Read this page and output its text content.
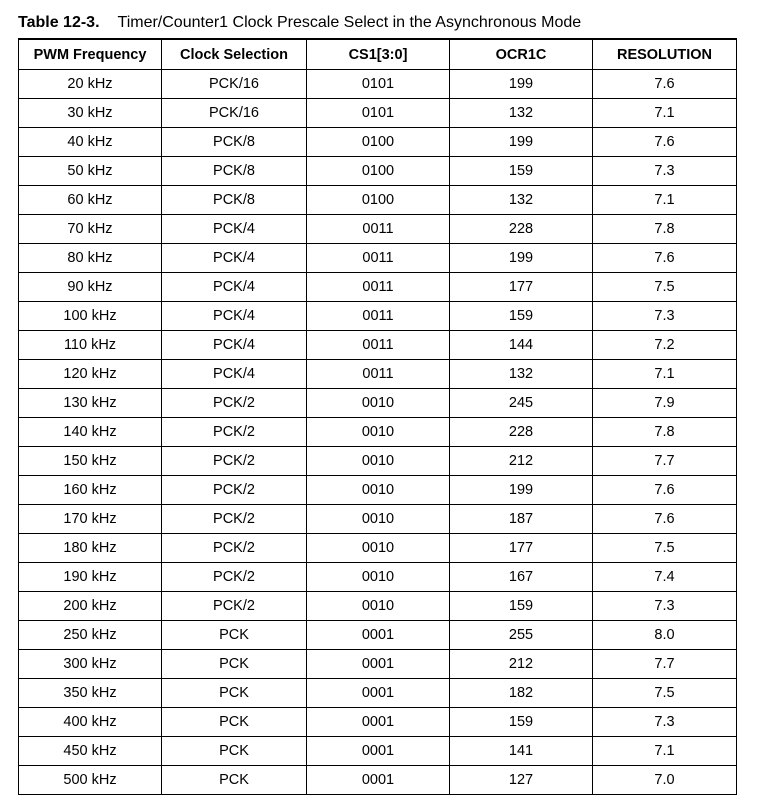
Table 12-3. Timer/Counter1 Clock Prescale Select in the Asynchronous Mode
PWM Frequency	Clock Selection	CS1[3:0]	OCR1C	RESOLUTION
20 kHz	PCK/16	0101	199	7.6
30 kHz	PCK/16	0101	132	7.1
40 kHz	PCK/8	0100	199	7.6
50 kHz	PCK/8	0100	159	7.3
60 kHz	PCK/8	0100	132	7.1
70 kHz	PCK/4	0011	228	7.8
80 kHz	PCK/4	0011	199	7.6
90 kHz	PCK/4	0011	177	7.5
100 kHz	PCK/4	0011	159	7.3
110 kHz	PCK/4	0011	144	7.2
120 kHz	PCK/4	0011	132	7.1
130 kHz	PCK/2	0010	245	7.9
140 kHz	PCK/2	0010	228	7.8
150 kHz	PCK/2	0010	212	7.7
160 kHz	PCK/2	0010	199	7.6
170 kHz	PCK/2	0010	187	7.6
180 kHz	PCK/2	0010	177	7.5
190 kHz	PCK/2	0010	167	7.4
200 kHz	PCK/2	0010	159	7.3
250 kHz	PCK	0001	255	8.0
300 kHz	PCK	0001	212	7.7
350 kHz	PCK	0001	182	7.5
400 kHz	PCK	0001	159	7.3
450 kHz	PCK	0001	141	7.1
500 kHz	PCK	0001	127	7.0
